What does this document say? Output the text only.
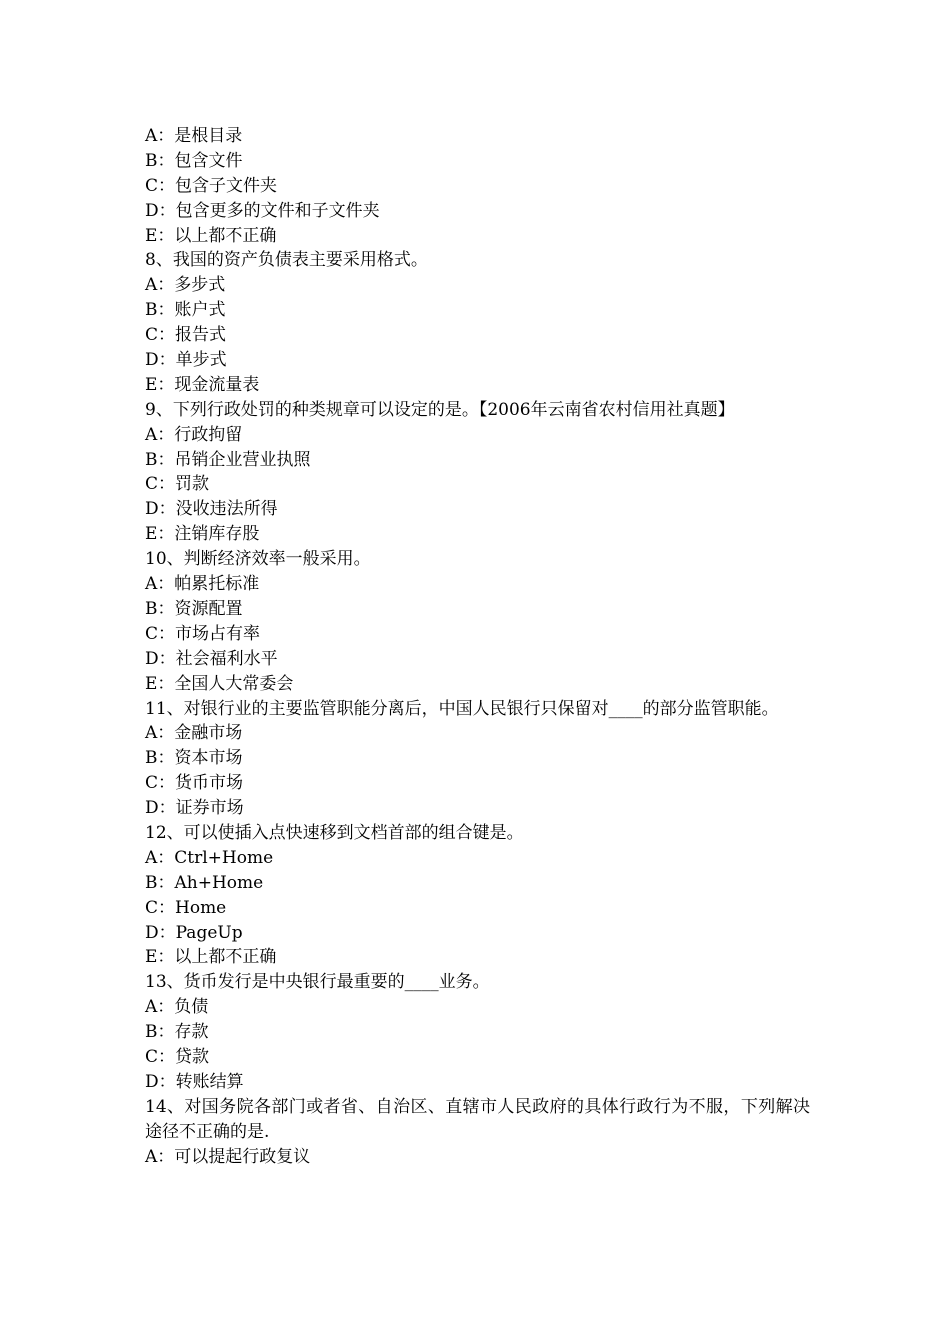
A：是根目录
B：包含文件
C：包含子文件夹
D：包含更多的文件和子文件夹
E：以上都不正确
8、我国的资产负债表主要采用格式。
A：多步式
B：账户式
C：报告式
D：单步式
E：现金流量表
9、下列行政处罚的种类规章可以设定的是。【2006年云南省农村信用社真题】
A：行政拘留
B：吊销企业营业执照
C：罚款
D：没收违法所得
E：注销库存股
10、判断经济效率一般采用。
A：帕累托标准
B：资源配置
C：市场占有率
D：社会福利水平
E：全国人大常委会
11、对银行业的主要监管职能分离后，中国人民银行只保留对____的部分监管职能。
A：金融市场
B：资本市场
C：货币市场
D：证券市场
12、可以使插入点快速移到文档首部的组合键是。
A：Ctrl+Home
B：Ah+Home
C：Home
D：PageUp
E：以上都不正确
13、货币发行是中央银行最重要的____业务。
A：负债
B：存款
C：贷款
D：转账结算
14、对国务院各部门或者省、自治区、直辖市人民政府的具体行政行为不服，下列解决途径不正确的是.
A：可以提起行政复议
